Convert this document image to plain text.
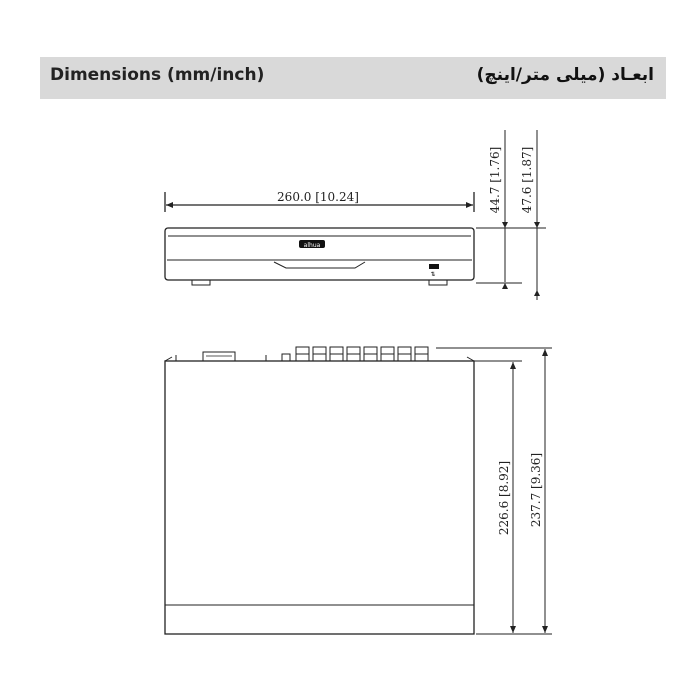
Dimensions (mm/inch)	ابعـاد (میلی متر/اینچ)
alhua
⇅
260.0 [10.24]	44.7 [1.76] 47.6 [1.87]
226.6 [8.92] 237.7 [9.36]
